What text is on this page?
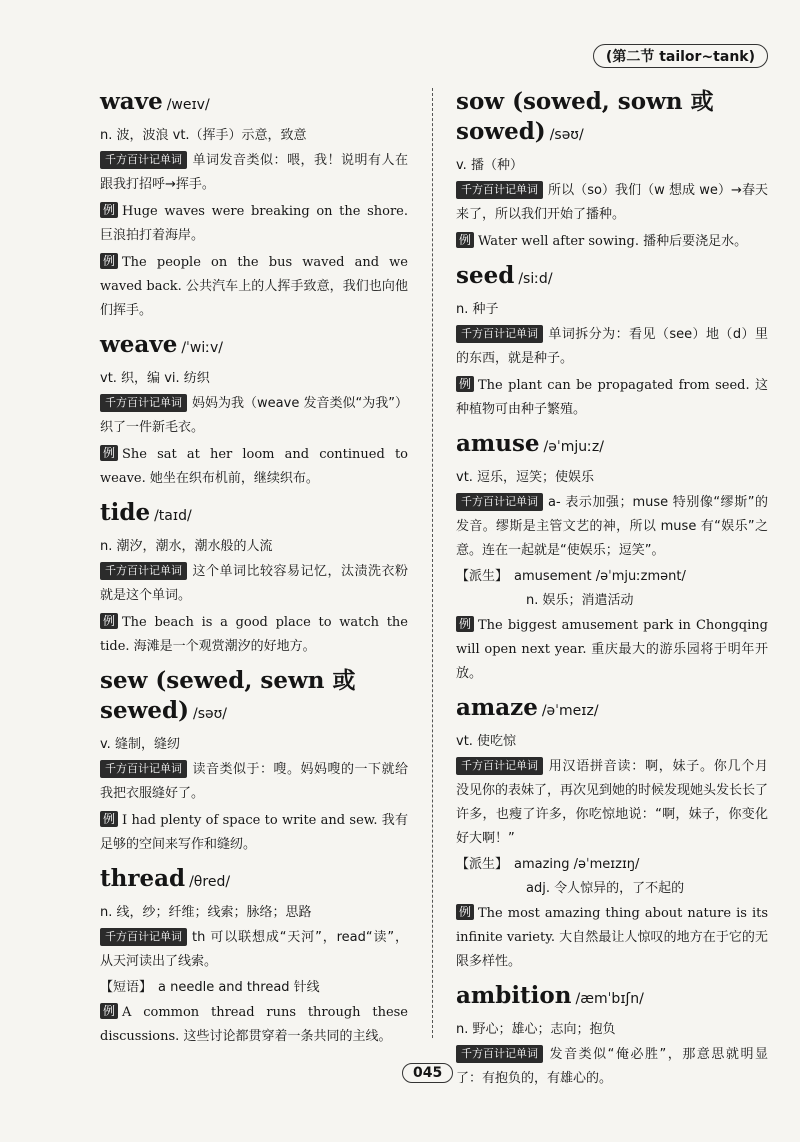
(第二节 tailor~tank)
wave /weɪv/
n. 波，波浪 vt.（挥手）示意，致意
千方百计记单词 单词发音类似：喂，我！说明有人在跟我打招呼→挥手。
例 Huge waves were breaking on the shore. 巨浪拍打着海岸。
例 The people on the bus waved and we waved back. 公共汽车上的人挥手致意，我们也向他们挥手。
weave /ˈwiːv/
vt. 织，编 vi. 纺织
千方百计记单词 妈妈为我（weave 发音类似“为我”）织了一件新毛衣。
例 She sat at her loom and continued to weave. 她坐在织布机前，继续织布。
tide /taɪd/
n. 潮汐，潮水，潮水般的人流
千方百计记单词 这个单词比较容易记忆，汰渍洗衣粉就是这个单词。
例 The beach is a good place to watch the tide. 海滩是一个观赏潮汐的好地方。
sew (sewed, sewn 或 sewed) /səʊ/
v. 缝制，缝纫
千方百计记单词 读音类似于：嗖。妈妈嗖的一下就给我把衣服缝好了。
例 I had plenty of space to write and sew. 我有足够的空间来写作和缝纫。
thread /θred/
n. 线，纱；纤维；线索；脉络；思路
千方百计记单词 th 可以联想成“天河”，read“读”，从天河读出了线索。
【短语】 a needle and thread 针线
例 A common thread runs through these discussions. 这些讨论都贯穿着一条共同的主线。
sow (sowed, sown 或 sowed) /səʊ/
v. 播（种）
千方百计记单词 所以（so）我们（w 想成 we）→春天来了，所以我们开始了播种。
例 Water well after sowing. 播种后要浇足水。
seed /siːd/
n. 种子
千方百计记单词 单词拆分为：看见（see）地（d）里的东西，就是种子。
例 The plant can be propagated from seed. 这种植物可由种子繁殖。
amuse /əˈmjuːz/
vt. 逗乐，逗笑；使娱乐
千方百计记单词 a- 表示加强；muse 特别像“缪斯”的发音。缪斯是主管文艺的神，所以 muse 有“娱乐”之意。连在一起就是“使娱乐；逗笑”。
【派生】 amusement /əˈmjuːzmənt/
n. 娱乐；消遣活动
例 The biggest amusement park in Chongqing will open next year. 重庆最大的游乐园将于明年开放。
amaze /əˈmeɪz/
vt. 使吃惊
千方百计记单词 用汉语拼音读：啊，妹子。你几个月没见你的表妹了，再次见到她的时候发现她头发长长了许多，也瘦了许多，你吃惊地说：“啊，妹子，你变化好大啊！”
【派生】 amazing /əˈmeɪzɪŋ/
adj. 令人惊异的，了不起的
例 The most amazing thing about nature is its infinite variety. 大自然最让人惊叹的地方在于它的无限多样性。
ambition /æmˈbɪʃn/
n. 野心；雄心；志向；抱负
千方百计记单词 发音类似“俺必胜”，那意思就明显了：有抱负的，有雄心的。
045
